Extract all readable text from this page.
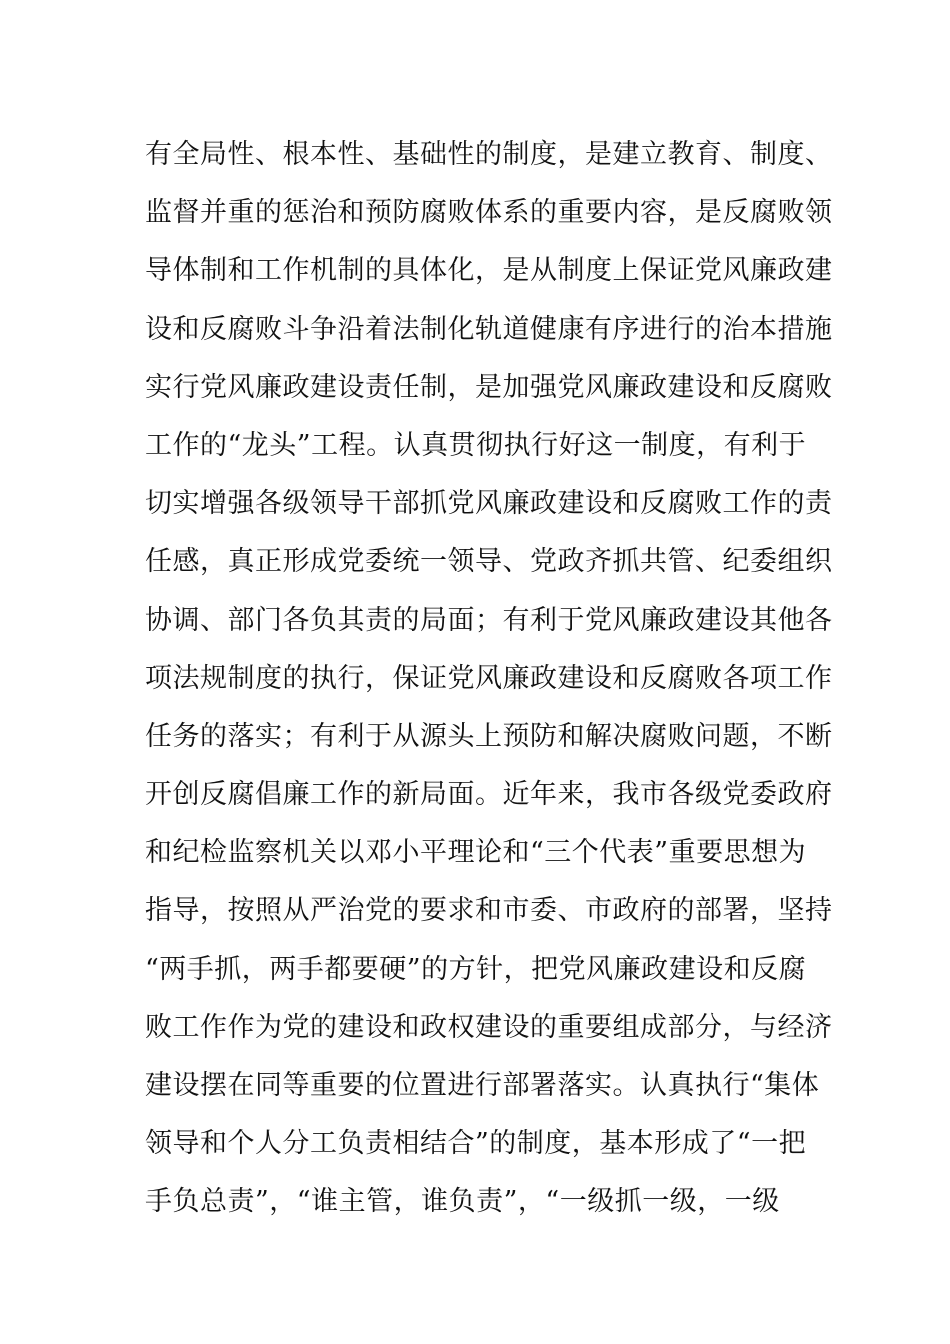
有全局性、根本性、基础性的制度，是建立教育、制度、
监督并重的惩治和预防腐败体系的重要内容，是反腐败领
导体制和工作机制的具体化，是从制度上保证党风廉政建
设和反腐败斗争沿着法制化轨道健康有序进行的治本措施
实行党风廉政建设责任制，是加强党风廉政建设和反腐败
工作的“龙头”工程。认真贯彻执行好这一制度，有利于
切实增强各级领导干部抓党风廉政建设和反腐败工作的责
任感，真正形成党委统一领导、党政齐抓共管、纪委组织
协调、部门各负其责的局面；有利于党风廉政建设其他各
项法规制度的执行，保证党风廉政建设和反腐败各项工作
任务的落实；有利于从源头上预防和解决腐败问题，不断
开创反腐倡廉工作的新局面。近年来，我市各级党委政府
和纪检监察机关以邓小平理论和“三个代表”重要思想为
指导，按照从严治党的要求和市委、市政府的部署，坚持
“两手抓，两手都要硬”的方针，把党风廉政建设和反腐
败工作作为党的建设和政权建设的重要组成部分，与经济
建设摆在同等重要的位置进行部署落实。认真执行“集体
领导和个人分工负责相结合”的制度，基本形成了“一把
手负总责”，“谁主管，谁负责”，“一级抓一级，一级
